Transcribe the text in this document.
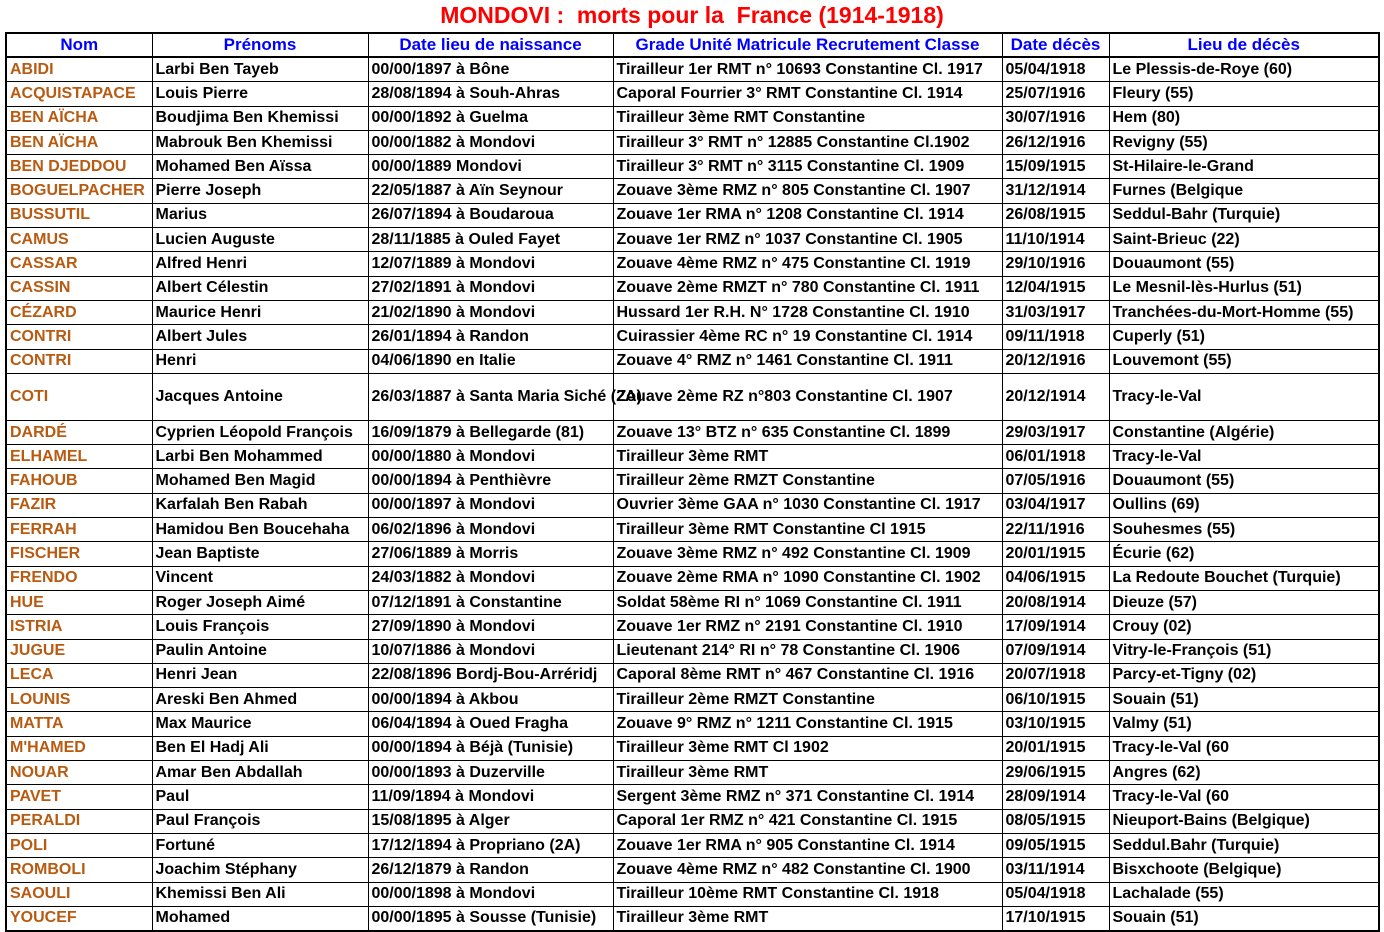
MONDOVI :  morts pour la  France (1914-1918)
Nom	Prénoms	Date lieu de naissance	Grade Unité Matricule Recrutement Classe	Date décès	Lieu de décès
ABIDI	Larbi Ben Tayeb	00/00/1897 à Bône	Tirailleur 1er RMT n° 10693 Constantine Cl. 1917	05/04/1918	Le Plessis-de-Roye (60)
ACQUISTAPACE	Louis Pierre	28/08/1894 à Souh-Ahras	Caporal Fourrier 3° RMT Constantine Cl. 1914	25/07/1916	Fleury (55)
BEN AÏCHA	Boudjima Ben Khemissi	00/00/1892 à Guelma	Tirailleur 3ème RMT Constantine	30/07/1916	Hem (80)
BEN AÏCHA	Mabrouk Ben Khemissi	00/00/1882 à Mondovi	Tirailleur 3° RMT n° 12885 Constantine Cl.1902	26/12/1916	Revigny (55)
BEN DJEDDOU	Mohamed Ben Aïssa	00/00/1889 Mondovi	Tirailleur 3° RMT n° 3115 Constantine Cl. 1909	15/09/1915	St-Hilaire-le-Grand
BOGUELPACHER	Pierre Joseph	22/05/1887 à Aïn Seynour	Zouave 3ème RMZ n° 805 Constantine Cl. 1907	31/12/1914	Furnes (Belgique
BUSSUTIL	Marius	26/07/1894 à Boudaroua	Zouave 1er RMA n° 1208 Constantine Cl. 1914	26/08/1915	Seddul-Bahr (Turquie)
CAMUS	Lucien Auguste	28/11/1885 à Ouled Fayet	Zouave 1er RMZ n° 1037 Constantine Cl. 1905	11/10/1914	Saint-Brieuc (22)
CASSAR	Alfred Henri	12/07/1889 à Mondovi	Zouave 4ème RMZ n° 475 Constantine Cl. 1919	29/10/1916	Douaumont (55)
CASSIN	Albert Célestin	27/02/1891 à Mondovi	Zouave 2ème RMZT n° 780 Constantine Cl. 1911	12/04/1915	Le Mesnil-lès-Hurlus (51)
CÉZARD	Maurice Henri	21/02/1890 à Mondovi	Hussard 1er R.H. N° 1728 Constantine Cl. 1910	31/03/1917	Tranchées-du-Mort-Homme (55)
CONTRI	Albert Jules	26/01/1894 à Randon	Cuirassier 4ème RC n° 19 Constantine Cl. 1914	09/11/1918	Cuperly (51)
CONTRI	Henri	04/06/1890 en Italie	Zouave 4° RMZ n° 1461 Constantine Cl. 1911	20/12/1916	Louvemont (55)
COTI	Jacques Antoine	26/03/1887 à Santa Maria Siché (2A)	Zouave 2ème RZ n°803 Constantine Cl. 1907	20/12/1914	Tracy-le-Val
DARDÉ	Cyprien Léopold François	16/09/1879 à Bellegarde (81)	Zouave 13° BTZ n° 635 Constantine Cl. 1899	29/03/1917	Constantine (Algérie)
ELHAMEL	Larbi Ben Mohammed	00/00/1880 à Mondovi	Tirailleur 3ème RMT	06/01/1918	Tracy-le-Val
FAHOUB	Mohamed Ben Magid	00/00/1894 à Penthièvre	Tirailleur 2ème RMZT Constantine	07/05/1916	Douaumont (55)
FAZIR	Karfalah Ben Rabah	00/00/1897 à Mondovi	Ouvrier 3ème GAA n° 1030 Constantine Cl. 1917	03/04/1917	Oullins (69)
FERRAH	Hamidou Ben Boucehaha	06/02/1896 à Mondovi	Tirailleur 3ème RMT Constantine Cl 1915	22/11/1916	Souhesmes (55)
FISCHER	Jean Baptiste	27/06/1889 à Morris	Zouave 3ème RMZ n° 492 Constantine Cl. 1909	20/01/1915	Écurie (62)
FRENDO	Vincent	24/03/1882 à Mondovi	Zouave 2ème RMA n° 1090 Constantine Cl. 1902	04/06/1915	La Redoute Bouchet (Turquie)
HUE	Roger Joseph Aimé	07/12/1891 à Constantine	Soldat 58ème RI n° 1069 Constantine Cl. 1911	20/08/1914	Dieuze (57)
ISTRIA	Louis François	27/09/1890 à Mondovi	Zouave 1er RMZ n° 2191 Constantine Cl. 1910	17/09/1914	Crouy (02)
JUGUE	Paulin Antoine	10/07/1886 à Mondovi	Lieutenant 214° RI n° 78 Constantine Cl. 1906	07/09/1914	Vitry-le-François (51)
LECA	Henri Jean	22/08/1896 Bordj-Bou-Arréridj	Caporal 8ème RMT n° 467 Constantine Cl. 1916	20/07/1918	Parcy-et-Tigny (02)
LOUNIS	Areski Ben Ahmed	00/00/1894 à Akbou	Tirailleur 2ème RMZT Constantine	06/10/1915	Souain (51)
MATTA	Max Maurice	06/04/1894 à Oued Fragha	Zouave 9° RMZ n° 1211 Constantine Cl. 1915	03/10/1915	Valmy (51)
M'HAMED	Ben El Hadj Ali	00/00/1894 à Béjà (Tunisie)	Tirailleur 3ème RMT Cl 1902	20/01/1915	Tracy-le-Val (60
NOUAR	Amar Ben Abdallah	00/00/1893 à Duzerville	Tirailleur 3ème RMT	29/06/1915	Angres (62)
PAVET	Paul	11/09/1894 à Mondovi	Sergent 3ème RMZ n° 371 Constantine Cl. 1914	28/09/1914	Tracy-le-Val (60
PERALDI	Paul François	15/08/1895 à Alger	Caporal 1er RMZ n° 421 Constantine Cl. 1915	08/05/1915	Nieuport-Bains (Belgique)
POLI	Fortuné	17/12/1894 à Propriano (2A)	Zouave 1er RMA n° 905 Constantine Cl. 1914	09/05/1915	Seddul.Bahr (Turquie)
ROMBOLI	Joachim Stéphany	26/12/1879 à Randon	Zouave 4ème RMZ n° 482 Constantine Cl. 1900	03/11/1914	Bisxchoote (Belgique)
SAOULI	Khemissi Ben Ali	00/00/1898 à Mondovi	Tirailleur 10ème RMT Constantine Cl. 1918	05/04/1918	Lachalade (55)
YOUCEF	Mohamed	00/00/1895 à Sousse (Tunisie)	Tirailleur 3ème RMT	17/10/1915	Souain (51)
